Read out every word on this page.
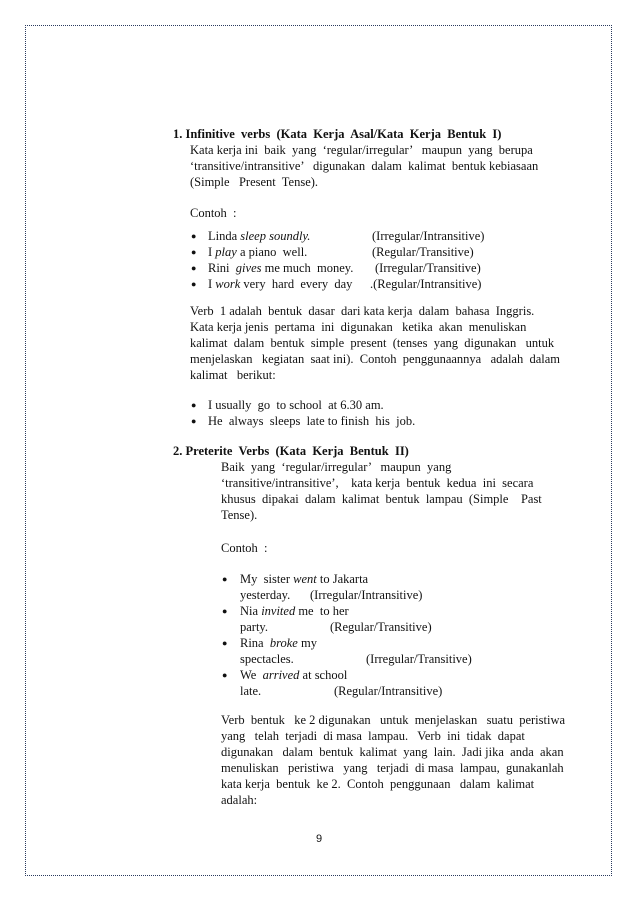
1. Infinitive  verbs  (Kata  Kerja  Asal/Kata  Kerja  Bentuk  I)
Kata kerja ini  baik  yang  ‘regular/irregular’   maupun  yang  berupa
‘transitive/intransitive’   digunakan  dalam  kalimat  bentuk kebiasaan
(Simple   Present  Tense).
Contoh  :
● Linda sleep soundly.	(Irregular/Intransitive)
● I play a piano  well.	(Regular/Transitive)
● Rini  gives me much  money. (Irregular/Transitive)
● I work very  hard  every  day .(Regular/Intransitive)
Verb  1 adalah  bentuk  dasar  dari kata kerja  dalam  bahasa  Inggris.
Kata kerja jenis  pertama  ini  digunakan   ketika  akan  menuliskan
kalimat  dalam  bentuk  simple  present  (tenses  yang  digunakan   untuk
menjelaskan   kegiatan  saat ini).  Contoh  penggunaannya   adalah  dalam
kalimat   berikut:
● I usually  go  to school  at 6.30 am.
● He  always  sleeps  late to finish  his  job.
2. Preterite  Verbs  (Kata  Kerja  Bentuk  II)
Baik  yang  ‘regular/irregular’   maupun  yang
‘transitive/intransitive’,    kata kerja  bentuk  kedua  ini  secara
khusus  dipakai  dalam  kalimat  bentuk  lampau  (Simple    Past
Tense).
Contoh  :
● My  sister went to Jakarta
yesterday. (Irregular/Intransitive)
● Nia invited me  to her
party.	(Regular/Transitive)
● Rina  broke my
spectacles.	(Irregular/Transitive)
● We  arrived at school
late.	(Regular/Intransitive)
Verb  bentuk   ke 2 digunakan   untuk  menjelaskan   suatu  peristiwa
yang   telah  terjadi  di masa  lampau.   Verb  ini  tidak  dapat
digunakan   dalam  bentuk  kalimat  yang  lain.  Jadi jika  anda  akan
menuliskan   peristiwa   yang   terjadi  di masa  lampau,  gunakanlah
kata kerja  bentuk  ke 2.  Contoh  penggunaan   dalam  kalimat
adalah:
9
